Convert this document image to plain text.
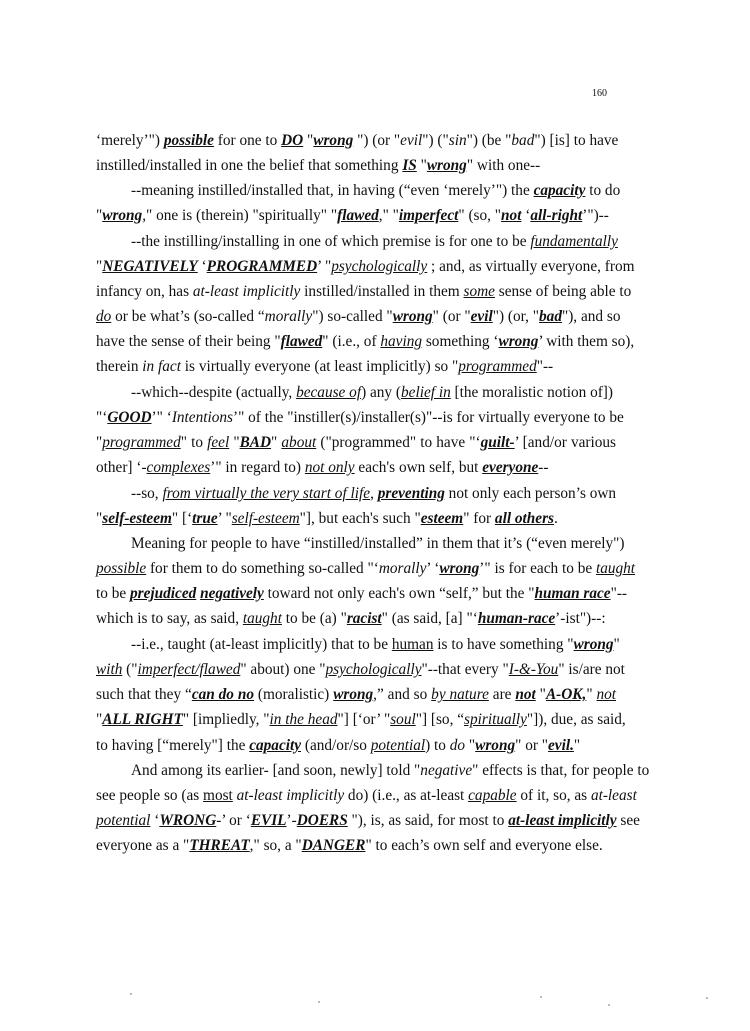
160
‘merely’") possible for one to DO "wrong ") (or "evil") ("sin") (be "bad") [is] to have
instilled/installed in one the belief that something IS "wrong" with one--
--meaning instilled/installed that, in having (“even ‘merely’") the capacity to do
"wrong," one is (therein) "spiritually" "flawed," "imperfect" (so, "not ‘all-right’")--
--the instilling/installing in one of which premise is for one to be fundamentally
"NEGATIVELY ‘PROGRAMMED’ "psychologically ; and, as virtually everyone, from
infancy on, has at-least implicitly instilled/installed in them some sense of being able to
do or be what’s (so-called “morally") so-called "wrong" (or "evil") (or, "bad"), and so
have the sense of their being "flawed" (i.e., of having something ‘wrong’ with them so),
therein in fact is virtually everyone (at least implicitly) so "programmed"--
--which--despite (actually, because of) any (belief in [the moralistic notion of])
"‘GOOD’" ‘Intentions’" of the "instiller(s)/installer(s)"--is for virtually everyone to be
"programmed" to feel "BAD" about ("programmed" to have "‘guilt-’ [and/or various
other] ‘-complexes’" in regard to) not only each's own self, but everyone--
--so, from virtually the very start of life, preventing not only each person’s own
"self-esteem" [‘true’ "self-esteem"], but each's such "esteem" for all others.
Meaning for people to have “instilled/installed” in them that it’s (“even merely")
possible for them to do something so-called "‘morally’ ‘wrong’" is for each to be taught
to be prejudiced negatively toward not only each's own “self,” but the "human race"--
which is to say, as said, taught to be (a) "racist" (as said, [a] "‘human-race’-ist")--:
--i.e., taught (at-least implicitly) that to be human is to have something "wrong"
with ("imperfect/flawed" about) one "psychologically"--that every "I-&-You" is/are not
such that they “can do no (moralistic) wrong,” and so by nature are not "A-OK," not
"ALL RIGHT" [impliedly, "in the head"] [‘or’ "soul"] [so, “spiritually"]), due, as said,
to having [“merely"] the capacity (and/or/so potential) to do "wrong" or "evil."
And among its earlier- [and soon, newly] told "negative" effects is that, for people to
see people so (as most at-least implicitly do) (i.e., as at-least capable of it, so, as at-least
potential ‘WRONG-’ or ‘EVIL’-DOERS "), is, as said, for most to at-least implicitly see
everyone as a "THREAT," so, a "DANGER" to each’s own self and everyone else.
